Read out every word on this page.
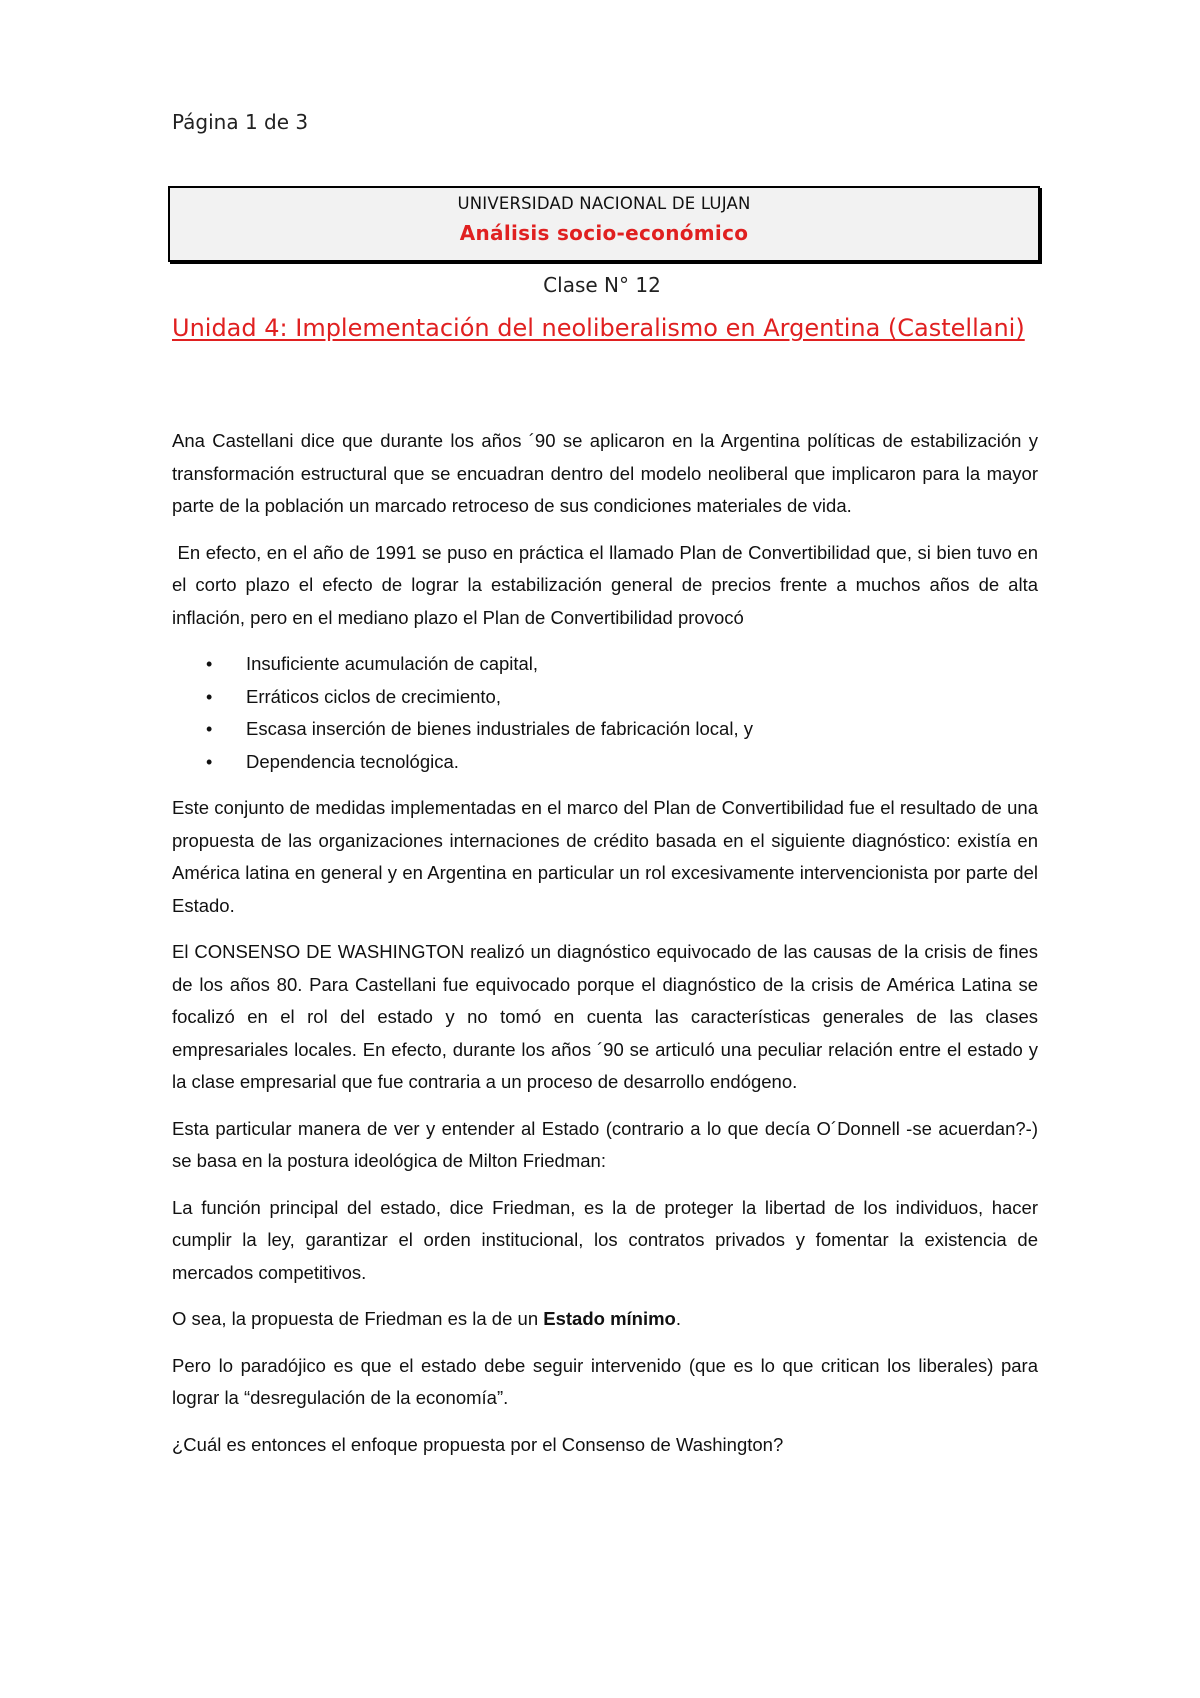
Página 1 de 3
UNIVERSIDAD NACIONAL DE LUJAN
Análisis socio-económico
Clase N° 12
Unidad 4: Implementación del neoliberalismo en Argentina (Castellani)

Ana Castellani dice que durante los años ´90 se aplicaron en la Argentina políticas de estabilización y transformación estructural que se encuadran dentro del modelo neoliberal que implicaron para la mayor parte de la población un marcado retroceso de sus condiciones materiales de vida.

En efecto, en el año de 1991 se puso en práctica el llamado Plan de Convertibilidad que, si bien tuvo en el corto plazo el efecto de lograr la estabilización general de precios frente a muchos años de alta inflación, pero en el mediano plazo el Plan de Convertibilidad provocó

• Insuficiente acumulación de capital,
• Erráticos ciclos de crecimiento,
• Escasa inserción de bienes industriales de fabricación local, y
• Dependencia tecnológica.

Este conjunto de medidas implementadas en el marco del Plan de Convertibilidad fue el resultado de una propuesta de las organizaciones internaciones de crédito basada en el siguiente diagnóstico: existía en América latina en general y en Argentina en particular un rol excesivamente intervencionista por parte del Estado.

El CONSENSO DE WASHINGTON realizó un diagnóstico equivocado de las causas de la crisis de fines de los años 80. Para Castellani fue equivocado porque el diagnóstico de la crisis de América Latina se focalizó en el rol del estado y no tomó en cuenta las características generales de las clases empresariales locales. En efecto, durante los años ´90 se articuló una peculiar relación entre el estado y la clase empresarial que fue contraria a un proceso de desarrollo endógeno.

Esta particular manera de ver y entender al Estado (contrario a lo que decía O´Donnell -se acuerdan?-) se basa en la postura ideológica de Milton Friedman:

La función principal del estado, dice Friedman, es la de proteger la libertad de los individuos, hacer cumplir la ley, garantizar el orden institucional, los contratos privados y fomentar la existencia de mercados competitivos.

O sea, la propuesta de Friedman es la de un Estado mínimo.

Pero lo paradójico es que el estado debe seguir intervenido (que es lo que critican los liberales) para lograr la “desregulación de la economía”.

¿Cuál es entonces el enfoque propuesta por el Consenso de Washington?
